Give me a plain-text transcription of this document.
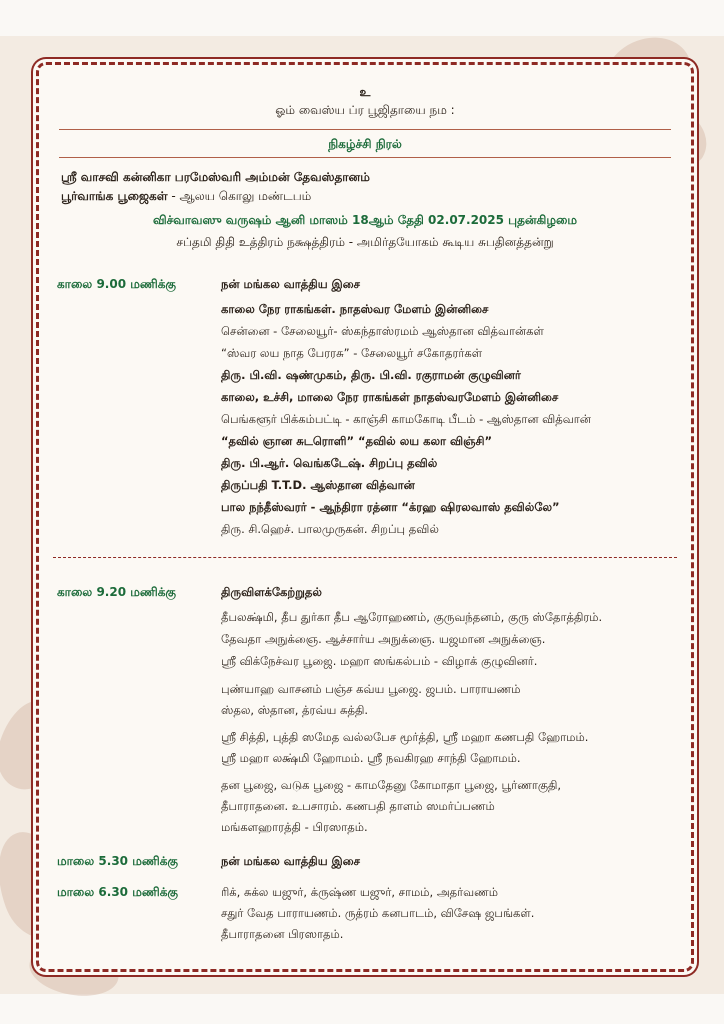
உ
ஓம் வைஸ்ய ப்ர பூஜிதாயை நம :
நிகழ்ச்சி நிரல்
ஸ்ரீ வாசவி கன்னிகா பரமேஸ்வரி அம்மன் தேவஸ்தானம்
பூர்வாங்க பூஜைகள் - ஆலய கொலு மண்டபம்
விச்வாவஸு வருஷம் ஆனி மாஸம் 18ஆம் தேதி 02.07.2025 புதன்கிழமை
சப்தமி திதி உத்திரம் நக்ஷத்திரம் - அமிர்தயோகம் கூடிய சுபதினத்தன்று
காலை 9.00 மணிக்கு	நன் மங்கல வாத்திய இசை
காலை நேர ராகங்கள். நாதஸ்வர மேளம் இன்னிசை
சென்னை - சேலையூர்- ஸ்கந்தாஸ்ரமம் ஆஸ்தான வித்வான்கள்
“ஸ்வர லய நாத பேரரசு” - சேலையூர் சகோதரர்கள்
திரு. பி.வி. ஷண்முகம், திரு. பி.வி. ரகுராமன் குழுவினர்
காலை, உச்சி, மாலை நேர ராகங்கள் நாதஸ்வரமேளம் இன்னிசை
பெங்களூர் பிக்கம்பட்டி - காஞ்சி காமகோடி பீடம் - ஆஸ்தான வித்வான்
“தவில் ஞான சுடரொளி” “தவில் லய கலா விஞ்சி”
திரு. பி.ஆர். வெங்கடேஷ். சிறப்பு தவில்
திருப்பதி T.T.D. ஆஸ்தான வித்வான்
பால நந்தீஸ்வரர் - ஆந்திரா ரத்னா “க்ரஹ ஷிரலவாஸ் தவில்லே”
திரு. சி.ஹெச். பாலமுருகன். சிறப்பு தவில்
காலை 9.20 மணிக்கு	திருவிளக்கேற்றுதல்
தீபலக்ஷ்மி, தீப துர்கா தீப ஆரோஹணம், குருவந்தனம், குரு ஸ்தோத்திரம்.
தேவதா அநுக்ஞை. ஆச்சார்ய அநுக்ஞை. யஜமான அநுக்ஞை.
ஸ்ரீ விக்நேச்வர பூஜை. மஹா ஸங்கல்பம் - விழாக் குழுவினர்.
புண்யாஹ வாசனம் பஞ்ச கவ்ய பூஜை. ஜபம். பாராயணம்
ஸ்தல, ஸ்தான, த்ரவ்ய சுத்தி.
ஸ்ரீ சித்தி, புத்தி ஸமேத வல்லபேச மூர்த்தி, ஸ்ரீ மஹா கணபதி ஹோமம்.
ஸ்ரீ மஹா லக்ஷ்மி ஹோமம். ஸ்ரீ நவகிரஹ சாந்தி ஹோமம்.
தன பூஜை, வடுக பூஜை - காமதேனு கோமாதா பூஜை, பூர்ணாகுதி,
தீபாராதனை. உபசாரம். கணபதி தாளம் ஸமர்ப்பணம்
மங்களஹாரத்தி - பிரஸாதம்.
மாலை 5.30 மணிக்கு	நன் மங்கல வாத்திய இசை
மாலை 6.30 மணிக்கு	ரிக், சுக்ல யஜுர், க்ருஷ்ண யஜுர், சாமம், அதர்வணம்
சதுர் வேத பாராயணம். ருத்ரம் கனபாடம், விசேஷ ஜபங்கள்.
தீபாராதனை பிரஸாதம்.
